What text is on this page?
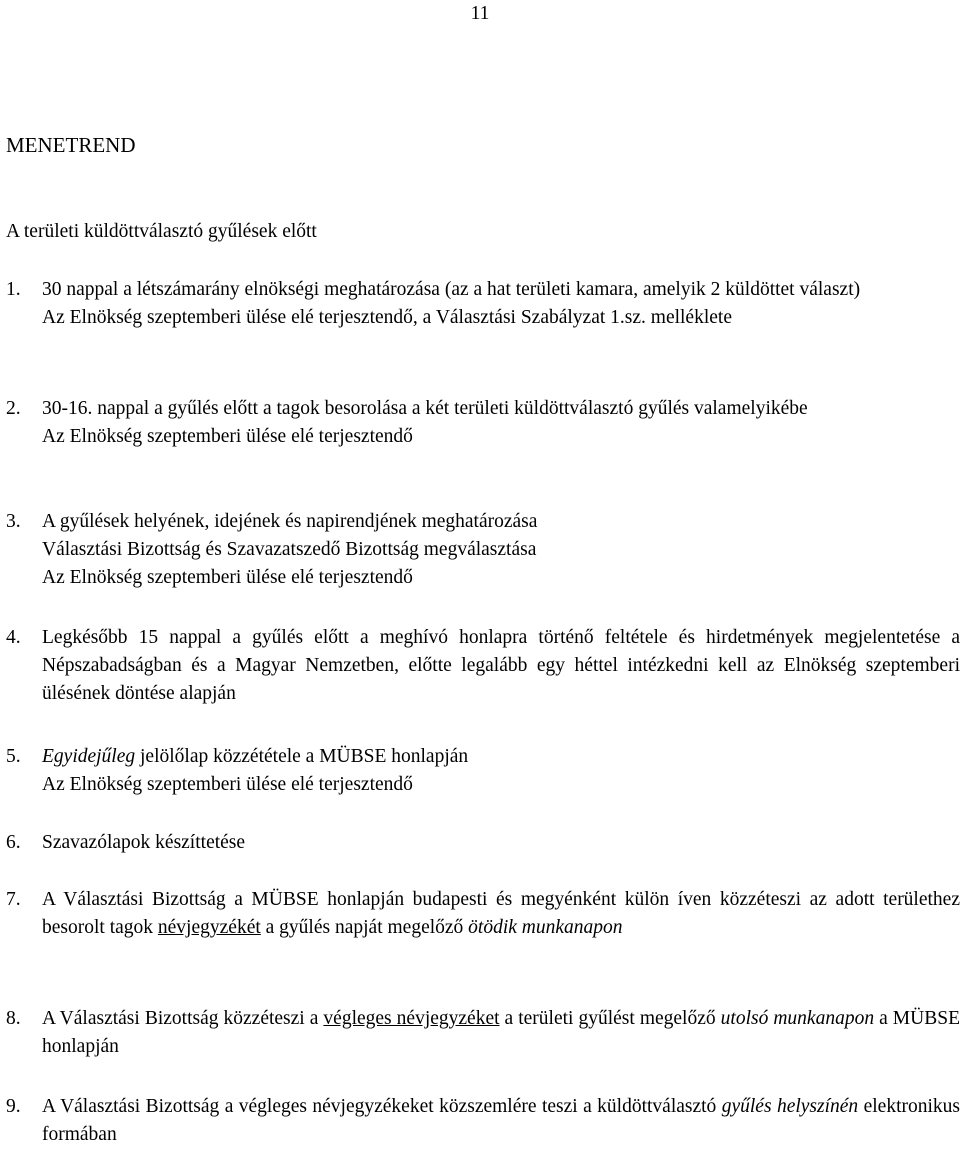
11
MENETREND
A területi küldöttválasztó gyűlések előtt
1. 30 nappal a létszámarány elnökségi meghatározása (az a hat területi kamara, amelyik 2 küldöttet választ)
Az Elnökség szeptemberi ülése elé terjesztendő, a Választási Szabályzat 1.sz. melléklete
2. 30-16. nappal a gyűlés előtt a tagok besorolása a két területi küldöttválasztó gyűlés valamelyikébe
Az Elnökség szeptemberi ülése elé terjesztendő
3. A gyűlések helyének, idejének és napirendjének meghatározása
Választási Bizottság és Szavazatszedő Bizottság megválasztása
Az Elnökség szeptemberi ülése elé terjesztendő
4. Legkésőbb 15 nappal a gyűlés előtt a meghívó honlapra történő feltétele és hirdetmények megjelentetése a Népszabadságban és a Magyar Nemzetben, előtte legalább egy héttel intézkedni kell az Elnökség szeptemberi ülésének döntése alapján
5. Egyidejűleg jelölőlap közzététele a MÜBSE honlapján
Az Elnökség szeptemberi ülése elé terjesztendő
6. Szavazólapok készíttetése
7. A Választási Bizottság a MÜBSE honlapján budapesti és megyénként külön íven közzéteszi az adott területhez besorolt tagok névjegyzékét a gyűlés napját megelőző ötödik munkanapon
8. A Választási Bizottság közzéteszi a végleges névjegyzéket a területi gyűlést megelőző utolsó munkanapon a MÜBSE honlapján
9. A Választási Bizottság a végleges névjegyzékeket közszemlére teszi a küldöttválasztó gyűlés helyszínén elektronikus formában
